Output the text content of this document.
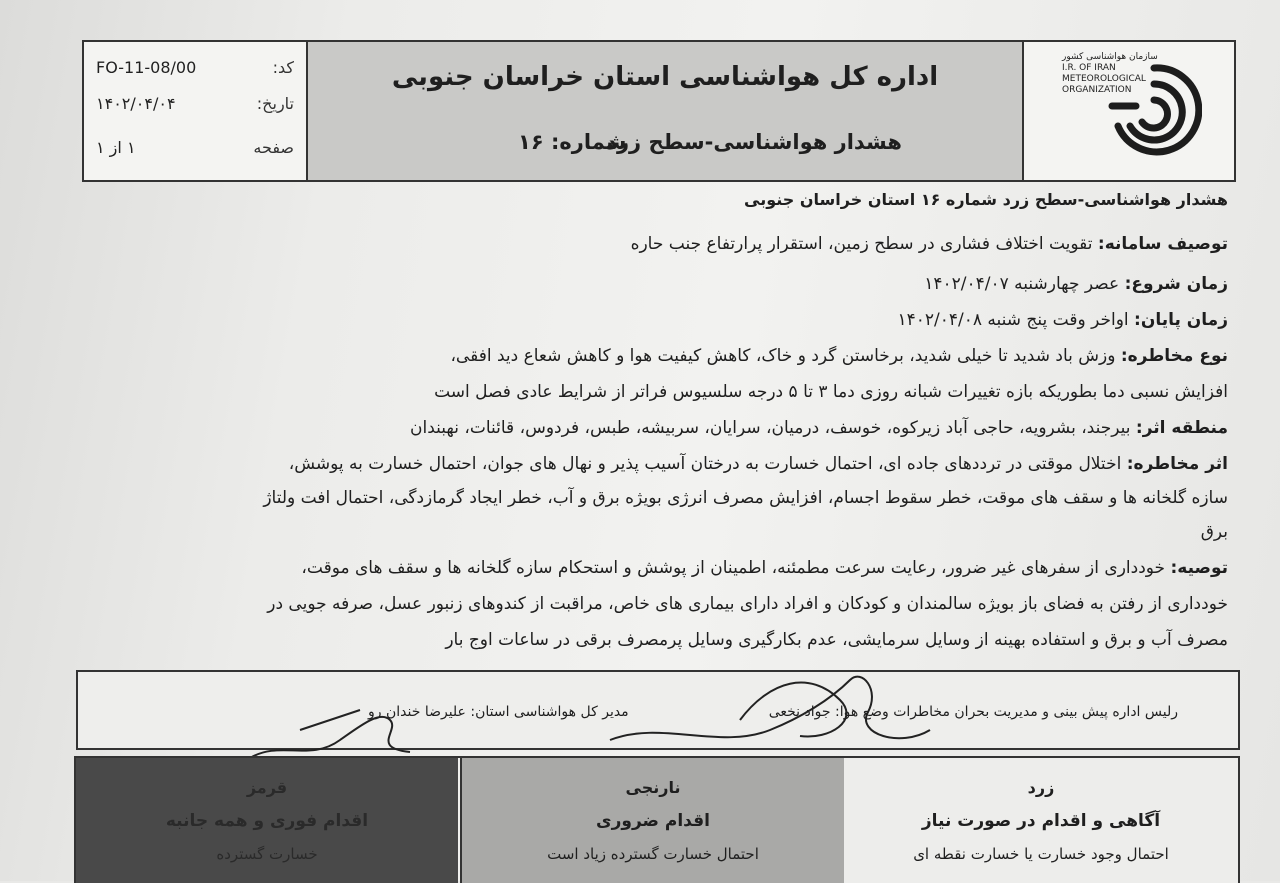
کد:
FO-11-08/00
تاریخ:
۱۴۰۲/۰۴/۰۴
صفحه
۱ از ۱
اداره کل هواشناسی استان خراسان جنوبی
هشدار هواشناسی-سطح زرد
شماره: ۱۶
سازمان هواشناسی کشور
I.R. OF IRAN
METEOROLOGICAL
ORGANIZATION
هشدار هواشناسی-سطح زرد شماره ۱۶ استان خراسان جنوبی
توصیف سامانه: تقویت اختلاف فشاری در سطح زمین، استقرار پرارتفاع جنب حاره
زمان شروع: عصر چهارشنبه ۱۴۰۲/۰۴/۰۷
زمان پایان: اواخر وقت پنج شنبه ۱۴۰۲/۰۴/۰۸
نوع مخاطره: وزش باد شدید تا خیلی شدید، برخاستن گرد و خاک، کاهش کیفیت هوا و کاهش شعاع دید افقی،
افزایش نسبی دما بطوریکه بازه تغییرات شبانه روزی دما ۳ تا ۵ درجه سلسیوس فراتر از شرایط عادی فصل است
منطقه اثر: بیرجند، بشرویه، حاجی آباد زیرکوه، خوسف، درمیان، سرایان، سربیشه، طبس، فردوس، قائنات، نهبندان
اثر مخاطره: اختلال موقتی در ترددهای جاده ای، احتمال خسارت به درختان آسیب پذیر و نهال های جوان، احتمال خسارت به پوشش،
سازه گلخانه ها و سقف های موقت، خطر سقوط اجسام، افزایش مصرف انرژی بویژه برق و آب، خطر ایجاد گرمازدگی، احتمال افت ولتاژ
برق
توصیه: خودداری از سفرهای غیر ضرور، رعایت سرعت مطمئنه، اطمینان از پوشش و استحکام سازه گلخانه ها و سقف های موقت،
خودداری از رفتن به فضای باز بویژه سالمندان و کودکان و افراد دارای بیماری های خاص، مراقبت از کندوهای زنبور عسل، صرفه جویی در
مصرف آب و برق و استفاده بهینه از وسایل سرمایشی، عدم بکارگیری وسایل پرمصرف برقی در ساعات اوج بار
رلیس اداره پیش بینی و مدیریت بحران مخاطرات وضع هوا: جواد نخعی
مدیر کل هواشناسی استان: علیرضا خندان رو
قرمز
اقدام فوری و همه جانبه
خسارت گسترده
نارنجی
اقدام ضروری
احتمال خسارت گسترده زیاد است
زرد
آگاهی و اقدام در صورت نیاز
احتمال وجود خسارت یا خسارت نقطه ای
